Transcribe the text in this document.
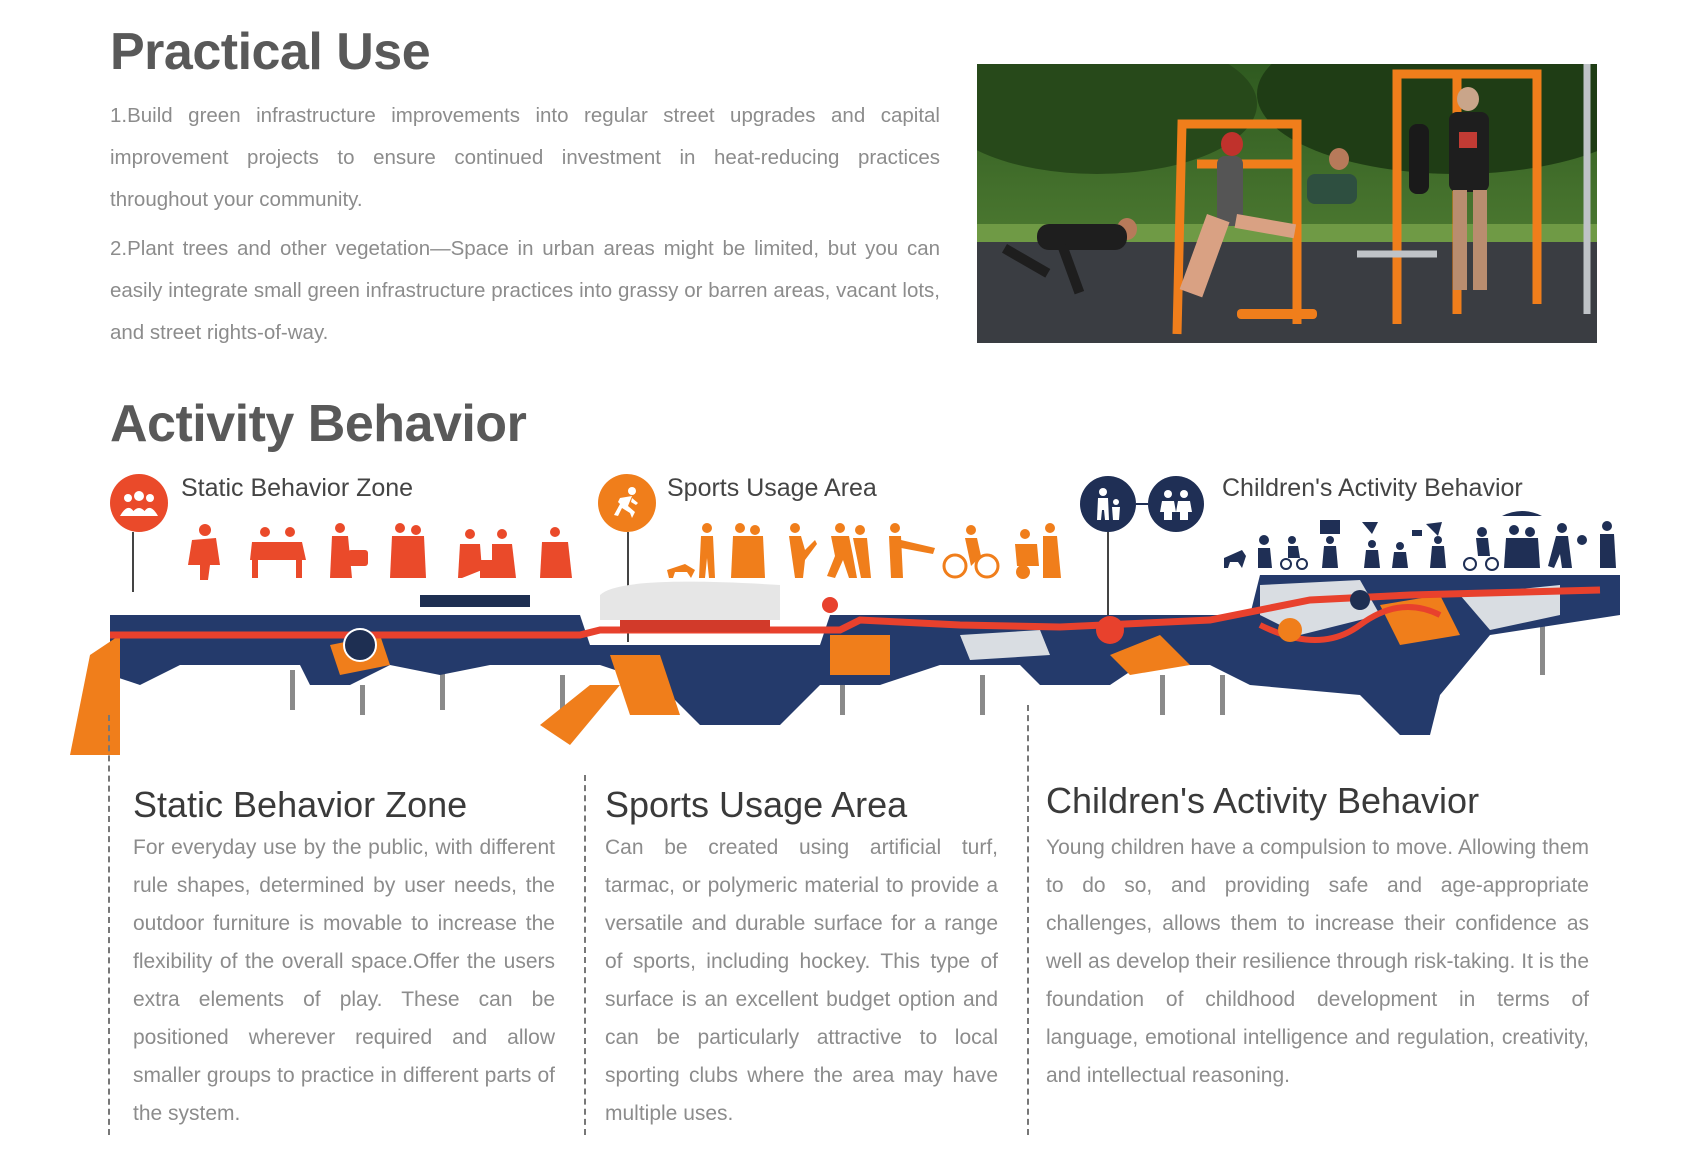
Practical Use

1.Build green infrastructure improvements into regular street upgrades and capital improvement projects to ensure continued investment in heat-reducing practices throughout your community.

2.Plant trees and other vegetation—Space in urban areas might be limited, but you can easily integrate small green infrastructure practices into grassy or barren areas, vacant lots, and street rights-of-way.

Activity Behavior
Static Behavior Zone	Sports Usage Area	Children's Activity Behavior
Static Behavior Zone

For everyday use by the public, with different rule shapes, determined by user needs, the outdoor furniture is movable to increase the flexibility of the overall space.Offer the users extra elements of play. These can be positioned wherever required and allow smaller groups to practice in different parts of the system.

Sports Usage Area

Can be created using artificial turf, tarmac, or polymeric material to provide a versatile and durable surface for a range of sports, including hockey. This type of surface is an excellent budget option and can be particularly attractive to local sporting clubs where the area may have multiple uses.

Children's Activity Behavior

Young children have a compulsion to move. Allowing them to do so, and providing safe and age-appropriate challenges, allows them to increase their confidence as well as develop their resilience through risk-taking. It is the foundation of childhood development in terms of language, emotional intelligence and regulation, creativity, and intellectual reasoning.
